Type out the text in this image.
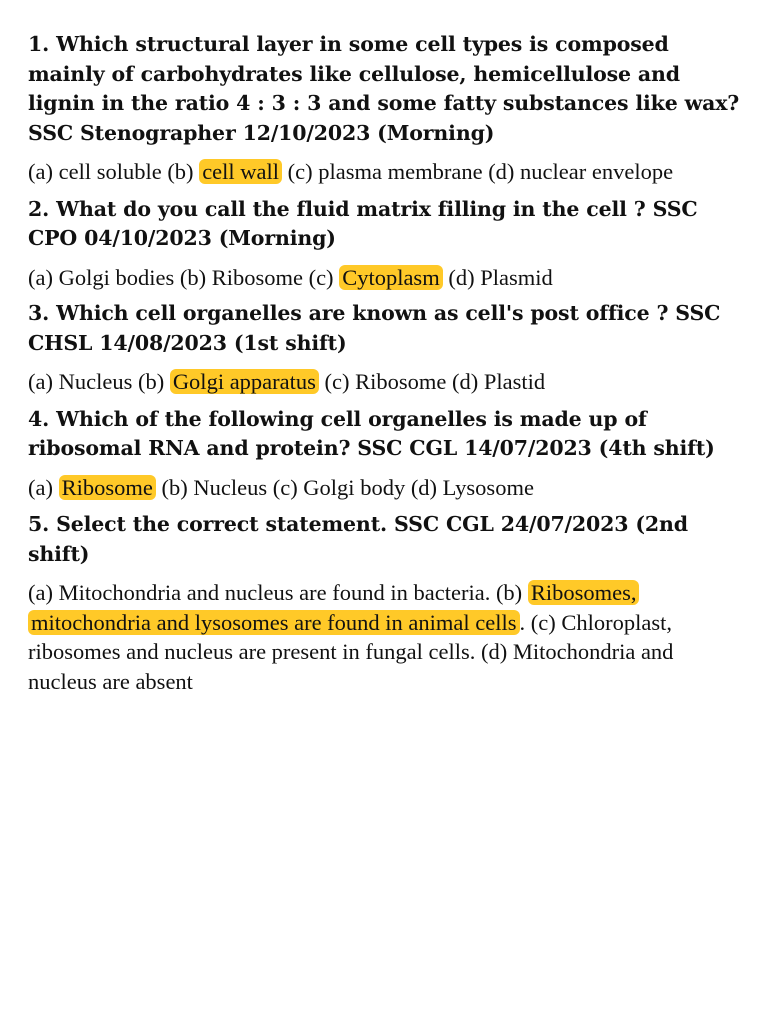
1. Which structural layer in some cell types is composed mainly of carbohydrates like cellulose, hemicellulose and lignin in the ratio 4 : 3 : 3 and some fatty substances like wax? SSC Stenographer 12/10/2023 (Morning)

(a) cell soluble (b) cell wall (c) plasma membrane (d) nuclear envelope

2. What do you call the fluid matrix filling in the cell ? SSC CPO 04/10/2023 (Morning)

(a) Golgi bodies (b) Ribosome (c) Cytoplasm (d) Plasmid

3. Which cell organelles are known as cell's post office ? SSC CHSL 14/08/2023 (1st shift)

(a) Nucleus (b) Golgi apparatus (c) Ribosome (d) Plastid

4. Which of the following cell organelles is made up of ribosomal RNA and protein? SSC CGL 14/07/2023 (4th shift)

(a) Ribosome (b) Nucleus (c) Golgi body (d) Lysosome

5. Select the correct statement. SSC CGL 24/07/2023 (2nd shift)

(a) Mitochondria and nucleus are found in bacteria. (b) Ribosomes, mitochondria and lysosomes are found in animal cells . (c) Chloroplast, ribosomes and nucleus are present in fungal cells. (d) Mitochondria and nucleus are absent
